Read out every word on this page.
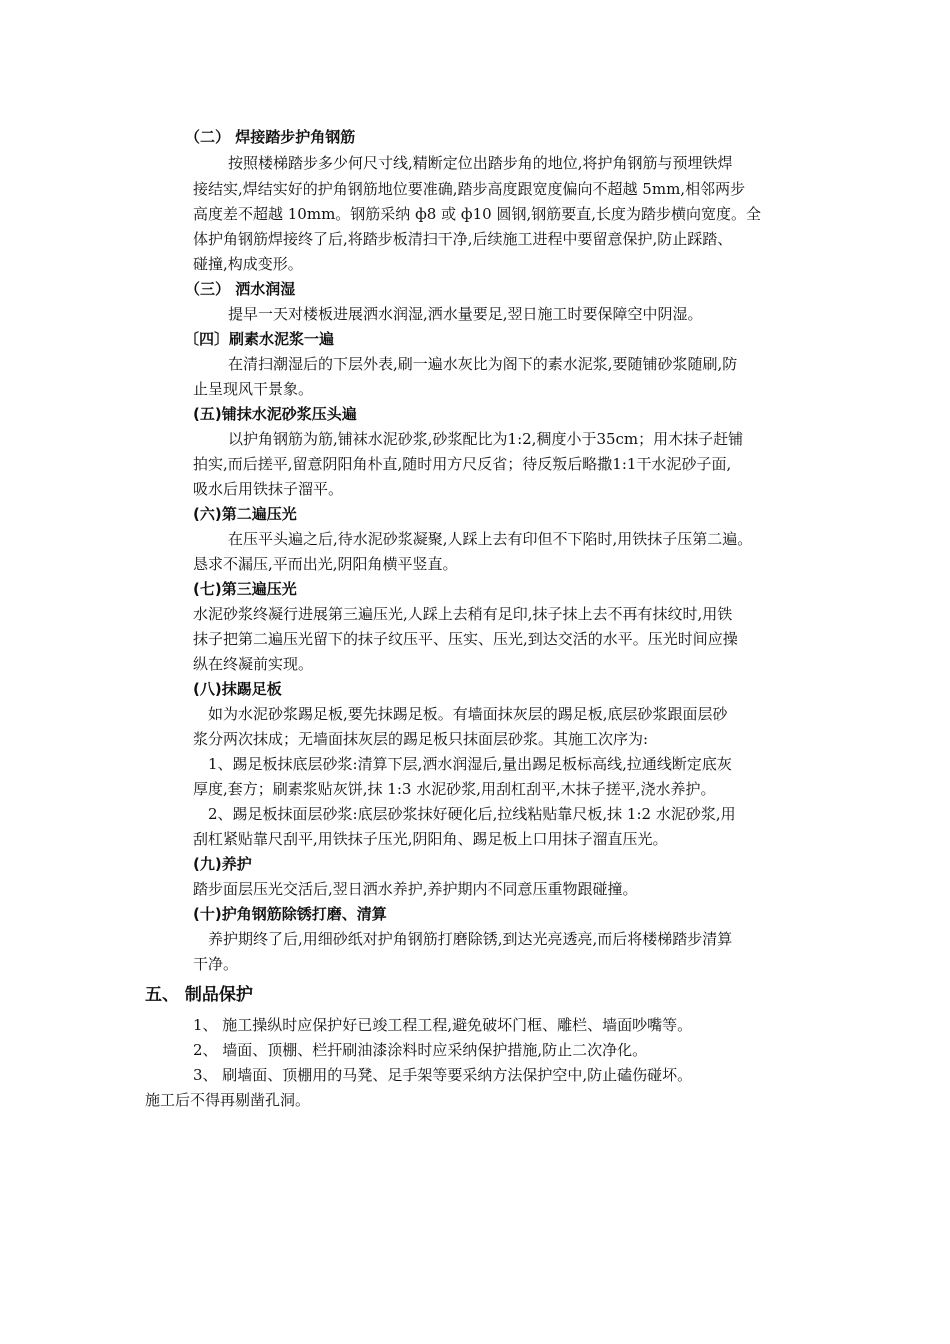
（二） 焊接踏步护角钢筋
按照楼梯踏步多少何尺寸线,精断定位出踏步角的地位,将护角钢筋与预埋铁焊
接结实,焊结实好的护角钢筋地位要准确,踏步高度跟宽度偏向不超越 5mm,相邻两步
高度差不超越 10mm。钢筋采纳 ф8 或 ф10 圆钢,钢筋要直,长度为踏步横向宽度。全
体护角钢筋焊接终了后,将踏步板清扫干净,后续施工进程中要留意保护,防止踩踏、
碰撞,构成变形。
（三） 洒水润湿
提早一天对楼板进展洒水润湿,洒水量要足,翌日施工时要保障空中阴湿。
〔四〕刷素水泥浆一遍
在清扫潮湿后的下层外表,刷一遍水灰比为阁下的素水泥浆,要随铺砂浆随刷,防
止呈现风干景象。
(五)铺抹水泥砂浆压头遍
以护角钢筋为筋,铺袜水泥砂浆,砂浆配比为1:2,稠度小于35cm；用木抹子赶铺
拍实,而后搓平,留意阴阳角朴直,随时用方尺反省；待反叛后略撒1:1干水泥砂子面,
吸水后用铁抹子溜平。
(六)第二遍压光
在压平头遍之后,待水泥砂浆凝聚,人踩上去有印但不下陷时,用铁抹子压第二遍。
恳求不漏压,平而出光,阴阳角横平竖直。
(七)第三遍压光
水泥砂浆终凝行进展第三遍压光,人踩上去稍有足印,抹子抹上去不再有抹纹时,用铁
抹子把第二遍压光留下的抹子纹压平、压实、压光,到达交活的水平。压光时间应操
纵在终凝前实现。
(八)抹踢足板
如为水泥砂浆踢足板,要先抹踢足板。有墙面抹灰层的踢足板,底层砂浆跟面层砂
浆分两次抹成；无墙面抹灰层的踢足板只抹面层砂浆。其施工次序为:
1、踢足板抹底层砂浆:清算下层,洒水润湿后,量出踢足板标高线,拉通线断定底灰
厚度,套方；刷素浆贴灰饼,抹 1:3 水泥砂浆,用刮杠刮平,木抹子搓平,浇水养护。
2、踢足板抹面层砂浆:底层砂浆抹好硬化后,拉线粘贴靠尺板,抹 1:2 水泥砂浆,用
刮杠紧贴靠尺刮平,用铁抹子压光,阴阳角、踢足板上口用抹子溜直压光。
(九)养护
踏步面层压光交活后,翌日洒水养护,养护期内不同意压重物跟碰撞。
(十)护角钢筋除锈打磨、清算
养护期终了后,用细砂纸对护角钢筋打磨除锈,到达光亮透亮,而后将楼梯踏步清算
干净。
五、 制品保护
1、 施工操纵时应保护好已竣工程工程,避免破坏门框、雕栏、墙面吵嘴等。
2、 墙面、顶棚、栏扞刷油漆涂料时应采纳保护措施,防止二次净化。
3、 刷墙面、顶棚用的马凳、足手架等要采纳方法保护空中,防止磕伤碰坏。
施工后不得再剔凿孔洞。
